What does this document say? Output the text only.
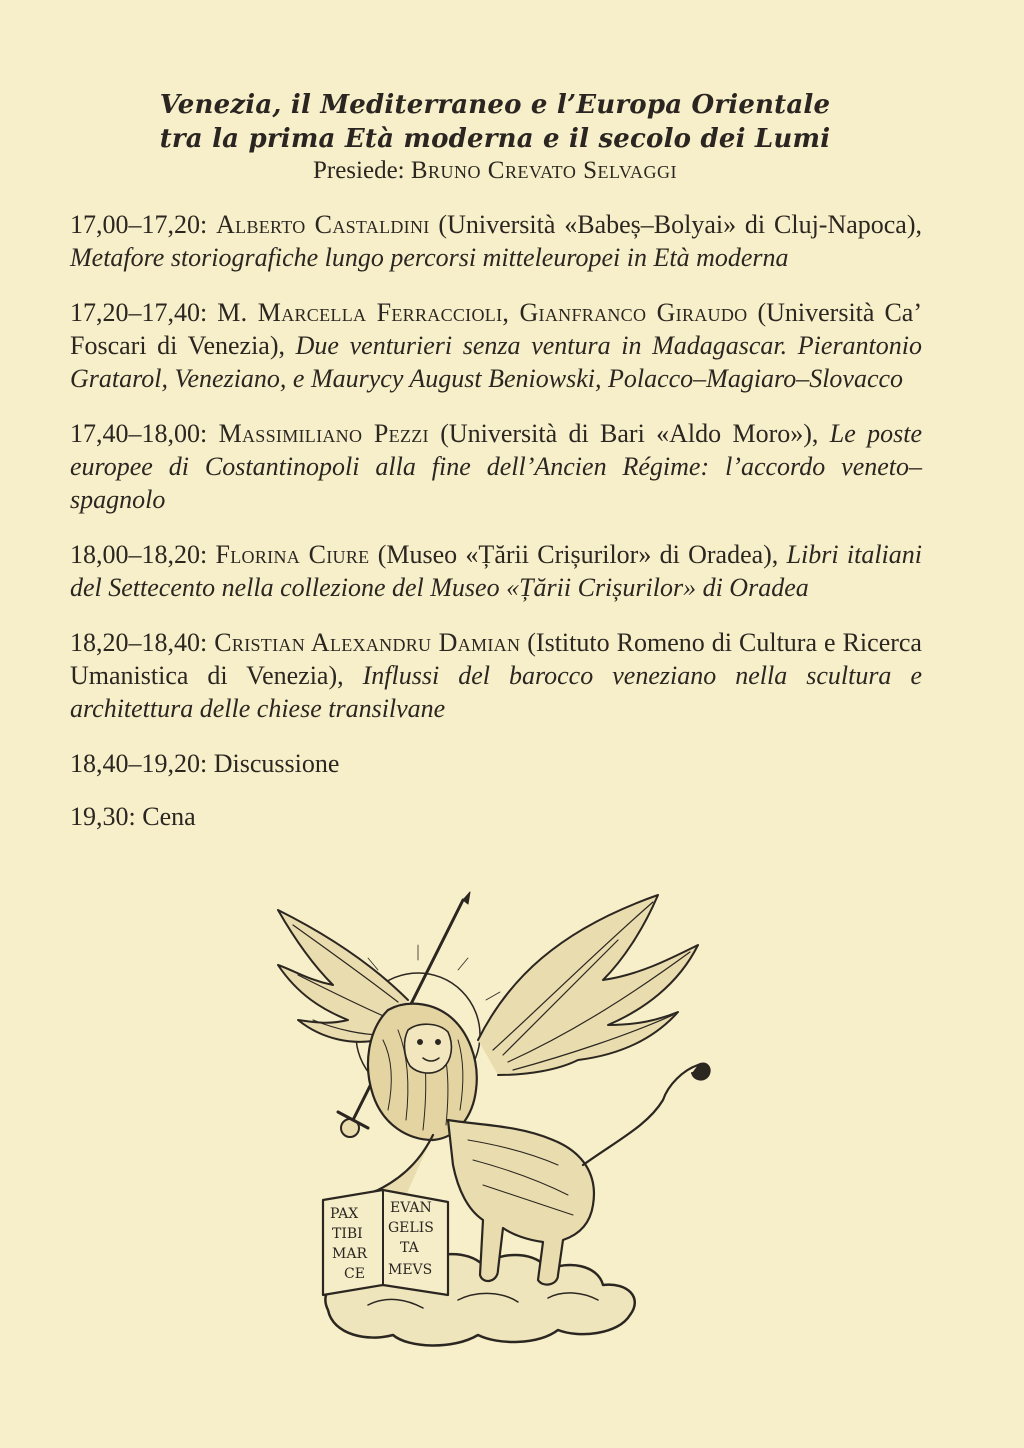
Venezia, il Mediterraneo e l’Europa Orientale
tra la prima Età moderna e il secolo dei Lumi
Presiede: Bruno Crevato Selvaggi

17,00–17,20: Alberto Castaldini (Università «Babeș–Bolyai» di Cluj-Napoca), Metafore storiografiche lungo percorsi mitteleuropei in Età moderna

17,20–17,40: M. Marcella Ferraccioli, Gianfranco Giraudo (Università Ca’ Foscari di Venezia), Due venturieri senza ventura in Madagascar. Pierantonio Gratarol, Veneziano, e Maurycy August Beniowski, Polacco–Magiaro–Slovacco

17,40–18,00: Massimiliano Pezzi (Università di Bari «Aldo Moro»), Le poste europee di Costantinopoli alla fine dell’Ancien Régime: l’accordo veneto–spagnolo

18,00–18,20: Florina Ciure (Museo «Țării Crișurilor» di Oradea), Libri italiani del Settecento nella collezione del Museo «Țării Crișurilor» di Oradea

18,20–18,40: Cristian Alexandru Damian (Istituto Romeno di Cultura e Ricerca Umanistica di Venezia), Influssi del barocco veneziano nella scultura e architettura delle chiese transilvane

18,40–19,20: Discussione

19,30: Cena

PAX
TIBI
MAR
CE
EVAN
GELIS
TA
MEVS
